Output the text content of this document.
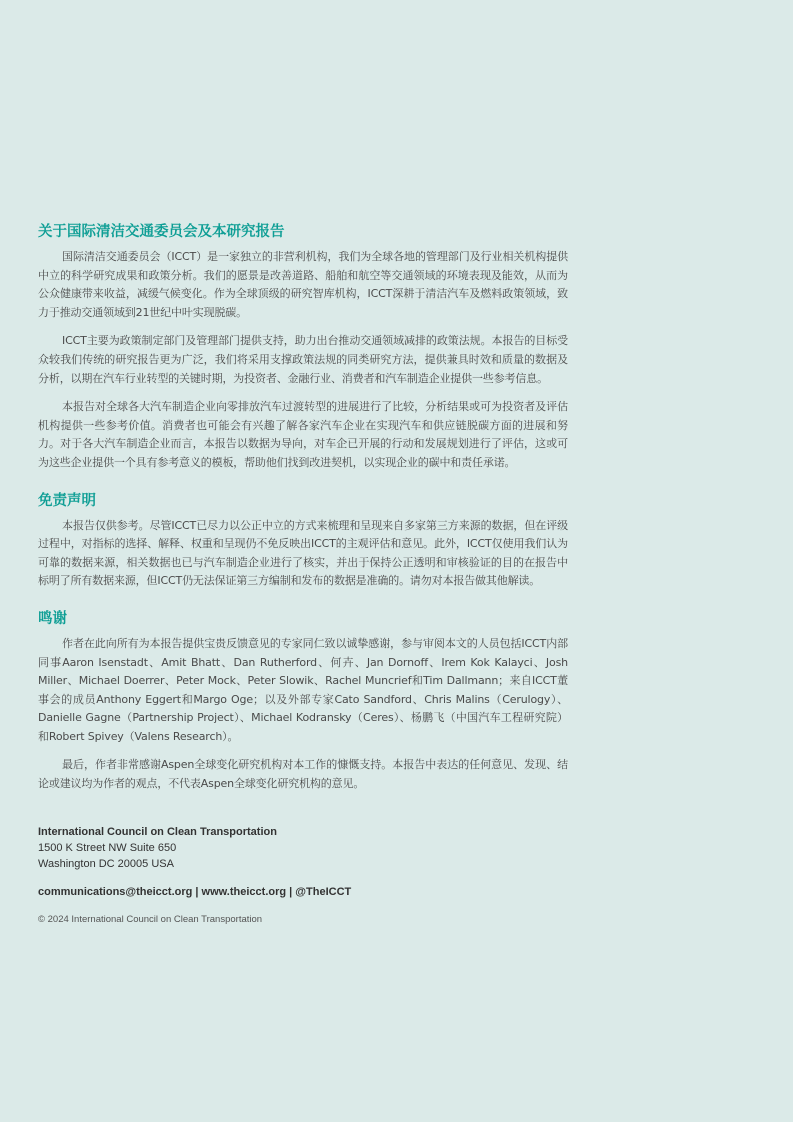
关于国际清洁交通委员会及本研究报告

国际清洁交通委员会（ICCT）是一家独立的非营利机构，我们为全球各地的管理部门及行业相关机构提供中立的科学研究成果和政策分析。我们的愿景是改善道路、船舶和航空等交通领域的环境表现及能效，从而为公众健康带来收益，减缓气候变化。作为全球顶级的研究智库机构，ICCT深耕于清洁汽车及燃料政策领域，致力于推动交通领域到21世纪中叶实现脱碳。

ICCT主要为政策制定部门及管理部门提供支持，助力出台推动交通领域减排的政策法规。本报告的目标受众较我们传统的研究报告更为广泛，我们将采用支撑政策法规的同类研究方法，提供兼具时效和质量的数据及分析，以期在汽车行业转型的关键时期，为投资者、金融行业、消费者和汽车制造企业提供一些参考信息。

本报告对全球各大汽车制造企业向零排放汽车过渡转型的进展进行了比较，分析结果或可为投资者及评估机构提供一些参考价值。消费者也可能会有兴趣了解各家汽车企业在实现汽车和供应链脱碳方面的进展和努力。对于各大汽车制造企业而言，本报告以数据为导向，对车企已开展的行动和发展规划进行了评估，这或可为这些企业提供一个具有参考意义的模板，帮助他们找到改进契机，以实现企业的碳中和责任承诺。

免责声明

本报告仅供参考。尽管ICCT已尽力以公正中立的方式来梳理和呈现来自多家第三方来源的数据，但在评级过程中，对指标的选择、解释、权重和呈现仍不免反映出ICCT的主观评估和意见。此外，ICCT仅使用我们认为可靠的数据来源，相关数据也已与汽车制造企业进行了核实，并出于保持公正透明和审核验证的目的在报告中标明了所有数据来源，但ICCT仍无法保证第三方编制和发布的数据是准确的。请勿对本报告做其他解读。

鸣谢

作者在此向所有为本报告提供宝贵反馈意见的专家同仁致以诚挚感谢，参与审阅本文的人员包括ICCT内部同事Aaron Isenstadt、Amit Bhatt、Dan Rutherford、何卉、Jan Dornoff、Irem Kok Kalayci、Josh Miller、Michael Doerrer、Peter Mock、Peter Slowik、Rachel Muncrief和Tim Dallmann；来自ICCT董事会的成员Anthony Eggert和Margo Oge；以及外部专家Cato Sandford、Chris Malins（Cerulogy）、Danielle Gagne（Partnership Project）、Michael Kodransky（Ceres）、杨鹏飞（中国汽车工程研究院）和Robert Spivey（Valens Research）。

最后，作者非常感谢Aspen全球变化研究机构对本工作的慷慨支持。本报告中表达的任何意见、发现、结论或建议均为作者的观点，不代表Aspen全球变化研究机构的意见。

International Council on Clean Transportation
1500 K Street NW Suite 650
Washington DC 20005 USA
communications@theicct.org | www.theicct.org | @TheICCT
© 2024 International Council on Clean Transportation
